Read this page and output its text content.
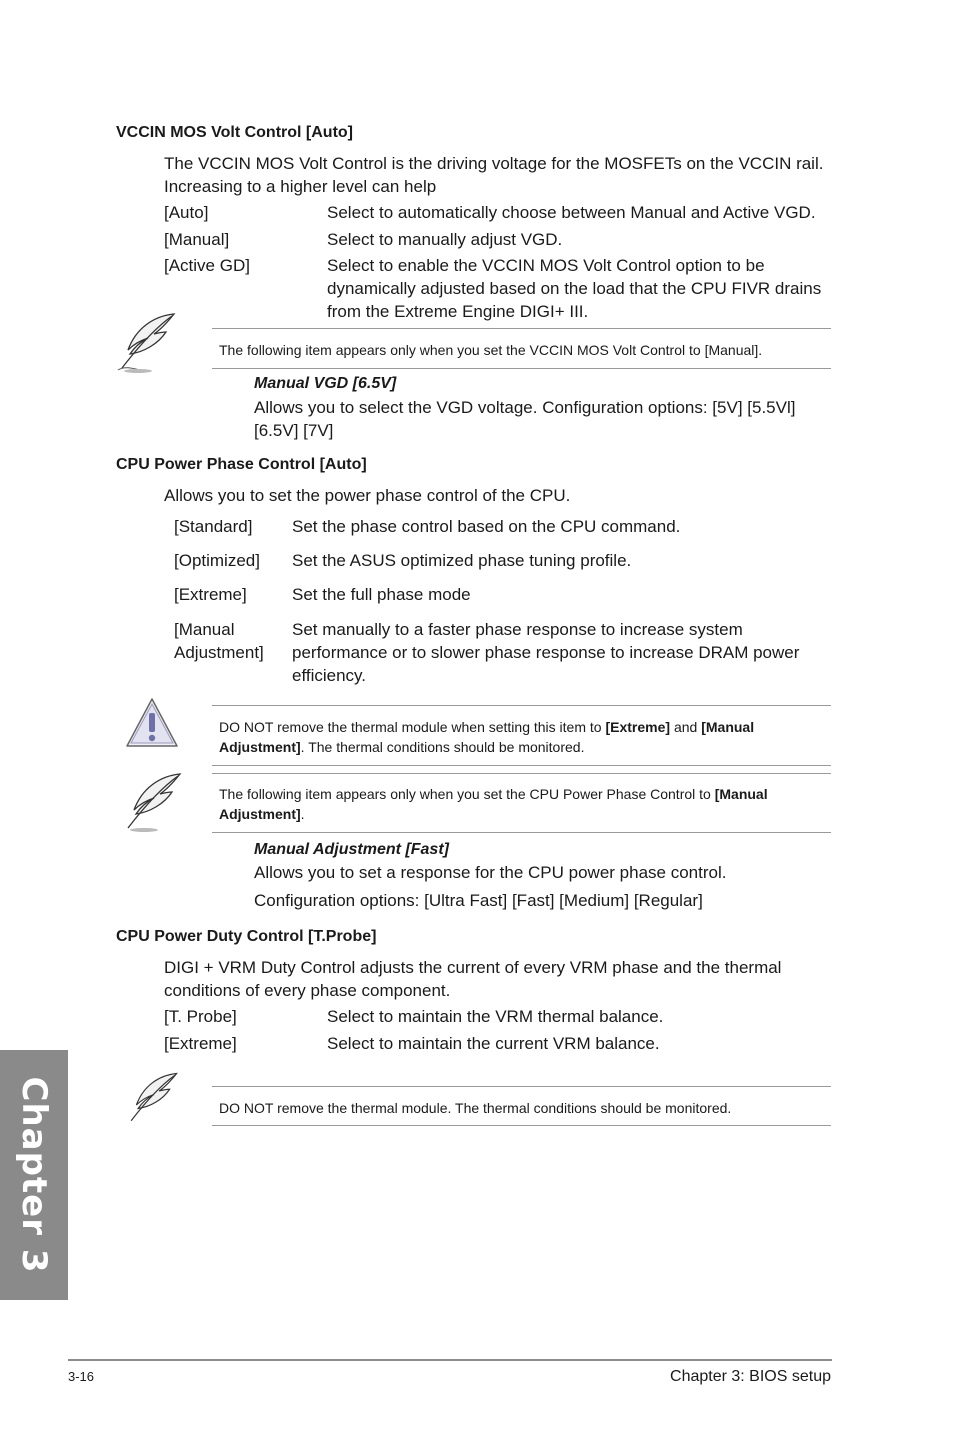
VCCIN MOS Volt Control [Auto]
The VCCIN MOS Volt Control is the driving voltage for the MOSFETs on the VCCIN rail. Increasing to a higher level can help
[Auto]	Select to automatically choose between Manual and Active VGD.
[Manual]	Select to manually adjust VGD.
[Active GD]	Select to enable the VCCIN MOS Volt Control option to be dynamically adjusted based on the load that the CPU FIVR drains from the Extreme Engine DIGI+ III.
The following item appears only when you set the VCCIN MOS Volt Control to [Manual].
Manual VGD [6.5V]
Allows you to select the VGD voltage. Configuration options: [5V] [5.5Vl] [6.5V] [7V]
CPU Power Phase Control [Auto]
Allows you to set the power phase control of the CPU.
[Standard]	Set the phase control based on the CPU command.
[Optimized]	Set the ASUS optimized phase tuning profile.
[Extreme]	Set the full phase mode
[Manual Adjustment]	Set manually to a faster phase response to increase system performance or to slower phase response to increase DRAM power efficiency.
DO NOT remove the thermal module when setting this item to [Extreme] and [Manual Adjustment]. The thermal conditions should be monitored.
The following item appears only when you set the CPU Power Phase Control to [Manual Adjustment].
Manual Adjustment [Fast]
Allows you to set a response for the CPU power phase control.
Configuration options: [Ultra Fast] [Fast] [Medium] [Regular]
CPU Power Duty Control [T.Probe]
DIGI + VRM Duty Control adjusts the current of every VRM phase and the thermal conditions of every phase component.
[T. Probe]	Select to maintain the VRM thermal balance.
[Extreme]	Select to maintain the current VRM balance.
DO NOT remove the thermal module. The thermal conditions should be monitored.
Chapter 3
3-16	Chapter 3: BIOS setup
